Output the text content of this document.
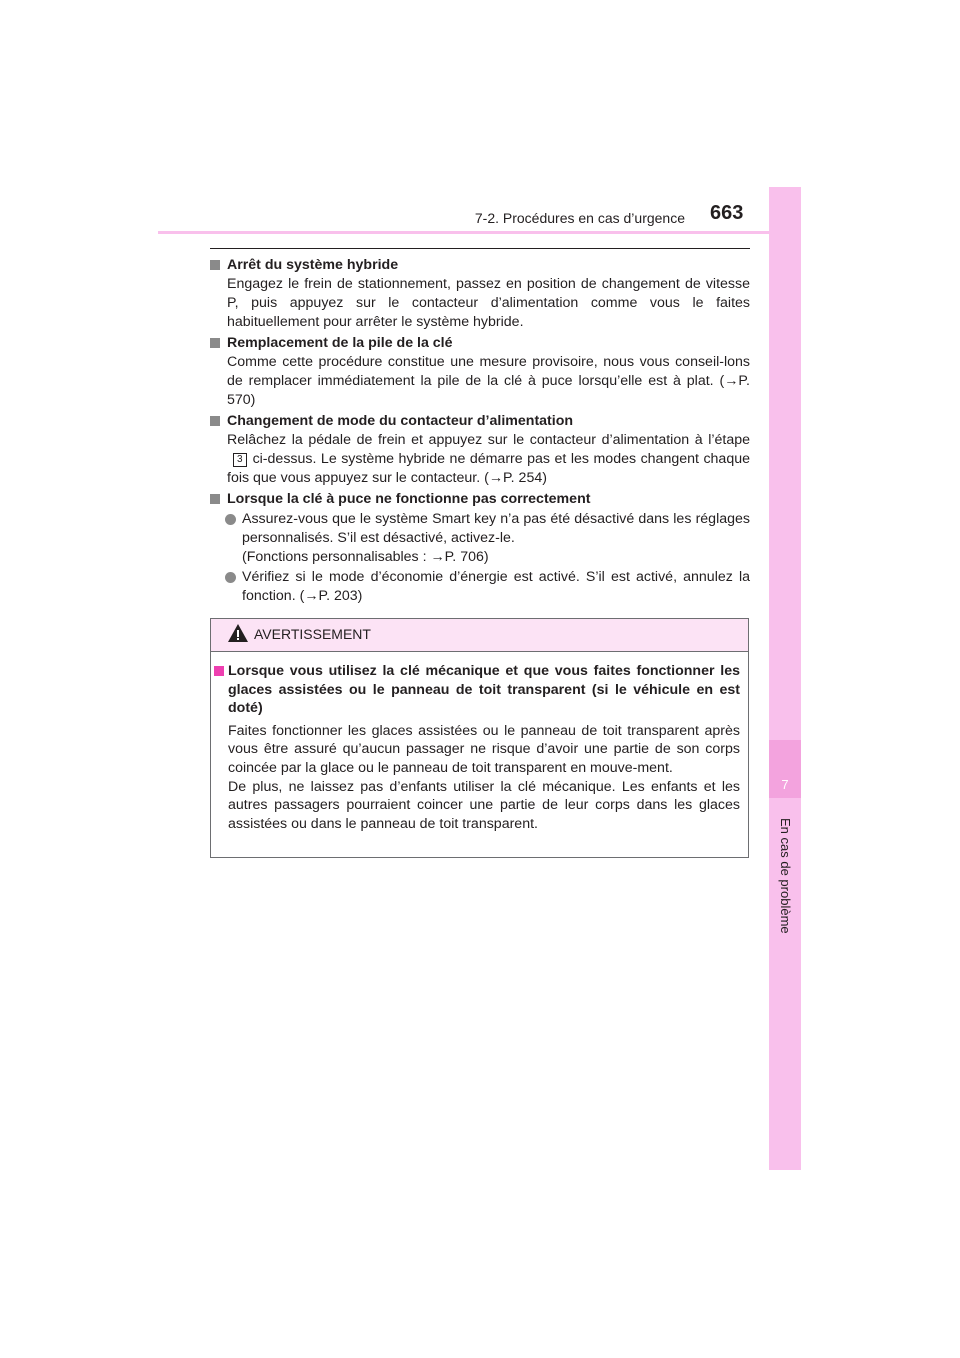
7
En cas de problème
7-2. Procédures en cas d’urgence 663
Arrêt du système hybride
Engagez le frein de stationnement, passez en position de changement de vitesse P, puis appuyez sur le contacteur d’alimentation comme vous le faites habituellement pour arrêter le système hybride.
Remplacement de la pile de la clé
Comme cette procédure constitue une mesure provisoire, nous vous conseil-lons de remplacer immédiatement la pile de la clé à puce lorsqu’elle est à plat. (→P. 570)
Changement de mode du contacteur d’alimentation
Relâchez la pédale de frein et appuyez sur le contacteur d’alimentation à l’étape3 ci-dessus. Le système hybride ne démarre pas et les modes changent chaque fois que vous appuyez sur le contacteur. (→P. 254)
Lorsque la clé à puce ne fonctionne pas correctement
Assurez-vous que le système Smart key n’a pas été désactivé dans les réglages personnalisés. S’il est désactivé, activez-le.
(Fonctions personnalisables : →P. 706)
Vérifiez si le mode d’économie d’énergie est activé. S’il est activé, annulez la fonction. (→P. 203)
AVERTISSEMENT
Lorsque vous utilisez la clé mécanique et que vous faites fonctionner les glaces assistées ou le panneau de toit transparent (si le véhicule en est doté)
Faites fonctionner les glaces assistées ou le panneau de toit transparent après vous être assuré qu’aucun passager ne risque d’avoir une partie de son corps coincée par la glace ou le panneau de toit transparent en mouve-ment.
De plus, ne laissez pas d’enfants utiliser la clé mécanique. Les enfants et les autres passagers pourraient coincer une partie de leur corps dans les glaces assistées ou dans le panneau de toit transparent.
